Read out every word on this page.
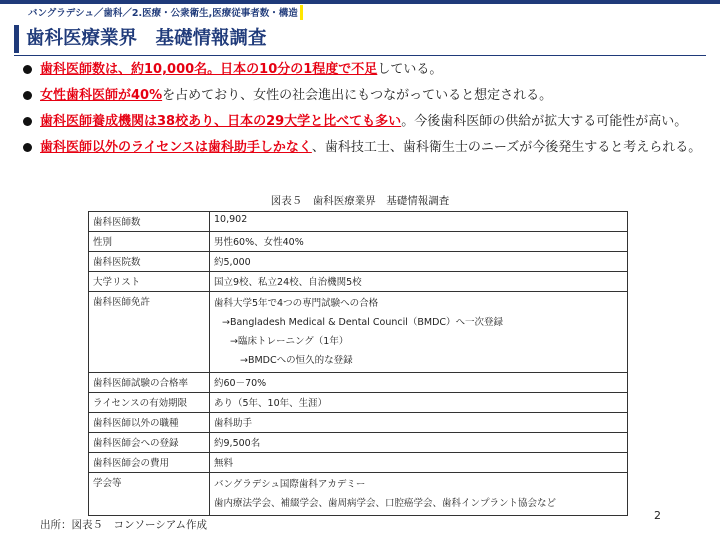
バングラデシュ／歯科／2.医療・公衆衛生,医療従事者数・構造
歯科医療業界　基礎情報調査
歯科医師数は、約10,000名。日本の10分の1程度で不足している。
女性歯科医師が40%を占めており、女性の社会進出にもつながっていると想定される。
歯科医師養成機関は38校あり、日本の29大学と比べても多い。今後歯科医師の供給が拡大する可能性が高い。
歯科医師以外のライセンスは歯科助手しかなく、歯科技工士、歯科衛生士のニーズが今後発生すると考えられる。
図表５　歯科医療業界　基礎情報調査
歯科医師数	10,902
性別	男性60%、女性40%
歯科医院数	約5,000
大学リスト	国立9校、私立24校、自治機関5校
歯科医師免許	歯科大学5年で4つの専門試験への合格
→Bangladesh Medical & Dental Council（BMDC）へ一次登録
→臨床トレーニング（1年）
→BMDCへの恒久的な登録

歯科医師試験の合格率	約60－70%
ライセンスの有効期限	あり（5年、10年、生涯）
歯科医師以外の職種	歯科助手
歯科医師会への登録	約9,500名
歯科医師会の費用	無料
学会等	バングラデシュ国際歯科アカデミー
歯内療法学会、補綴学会、歯周病学会、口腔癌学会、歯科インプラント協会など
出所：図表５　コンソーシアム作成
2
